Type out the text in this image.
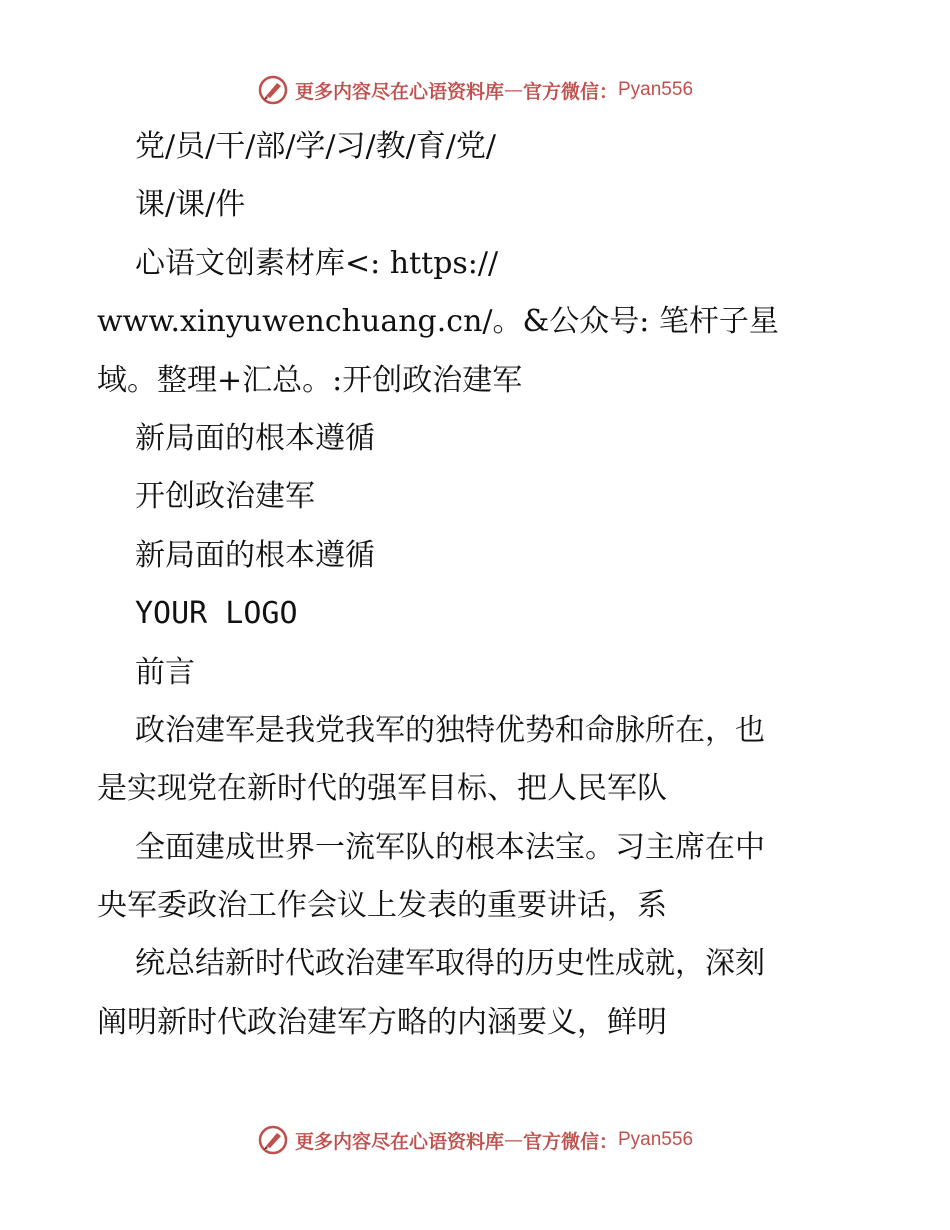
更多内容尽在心语资料库 — 官方微信： Pyan556
党/员/干/部/学/习/教/育/党/
课/课/件
心语文创素材库<: https://
www.xinyuwenchuang.cn/。&公众号: 笔杆子星
域。整理+汇总。:开创政治建军
新局面的根本遵循
开创政治建军
新局面的根本遵循
YOUR LOGO
前言
政治建军是我党我军的独特优势和命脉所在，也
是实现党在新时代的强军目标、把人民军队
全面建成世界一流军队的根本法宝。习主席在中
央军委政治工作会议上发表的重要讲话，系
统总结新时代政治建军取得的历史性成就，深刻
阐明新时代政治建军方略的内涵要义，鲜明
更多内容尽在心语资料库 — 官方微信： Pyan556
